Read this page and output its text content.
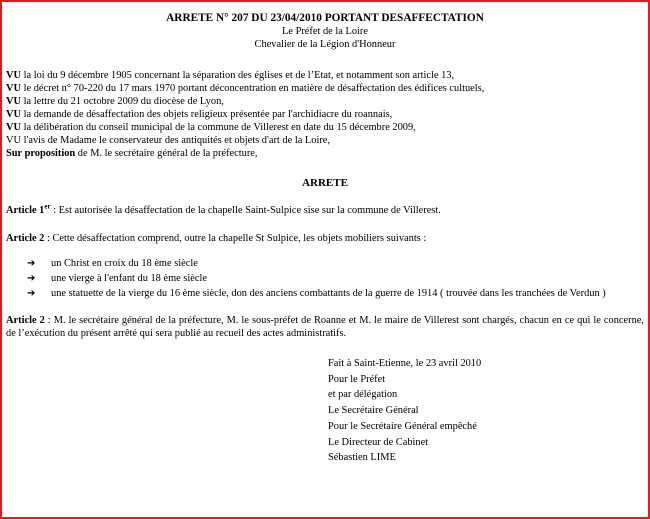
ARRETE N° 207 DU 23/04/2010 PORTANT DESAFFECTATION
Le Préfet de la Loire
Chevalier de la Légion d'Honneur
VU la loi du 9 décembre 1905 concernant la séparation des églises et de l’Etat, et notamment son article 13,
VU le décret n° 70-220 du 17 mars 1970 portant déconcentration en matière de désaffectation des édifices cultuels,
VU la lettre du 21 octobre 2009 du diocèse de Lyon,
VU la demande de désaffectation des objets religieux présentée par l'archidiacre du roannais,
VU la délibération du conseil municipal de la commune de Villerest en date du 15 décembre 2009,
VU l'avis de Madame le conservateur des antiquités et objets d'art de la Loire,
Sur proposition de M. le secrétaire général de la préfecture,
ARRETE
Article 1er : Est autorisée la désaffectation de la chapelle Saint-Sulpice sise sur la commune de Villerest.
Article 2 : Cette désaffectation comprend, outre la chapelle St Sulpice, les objets mobiliers suivants :
➔ un Christ en croix du 18 ème siècle
➔ une vierge à l'enfant du 18 ème siècle
➔ une statuette de la vierge du 16 ème siècle, don des anciens combattants de la guerre de 1914 ( trouvée dans les tranchées de Verdun )
Article 2 : M. le secrétaire général de la préfecture, M. le sous-préfet de Roanne et M. le maire de Villerest sont chargés, chacun en ce qui le concerne, de l’exécution du présent arrêté qui sera publié au recueil des actes administratifs.
Fait à Saint-Etienne, le 23 avril 2010
Pour le Préfet
et par délégation
Le Secrétaire Général
Pour le Secrétaire Général empêché
Le Directeur de Cabinet
Sébastien LIME
